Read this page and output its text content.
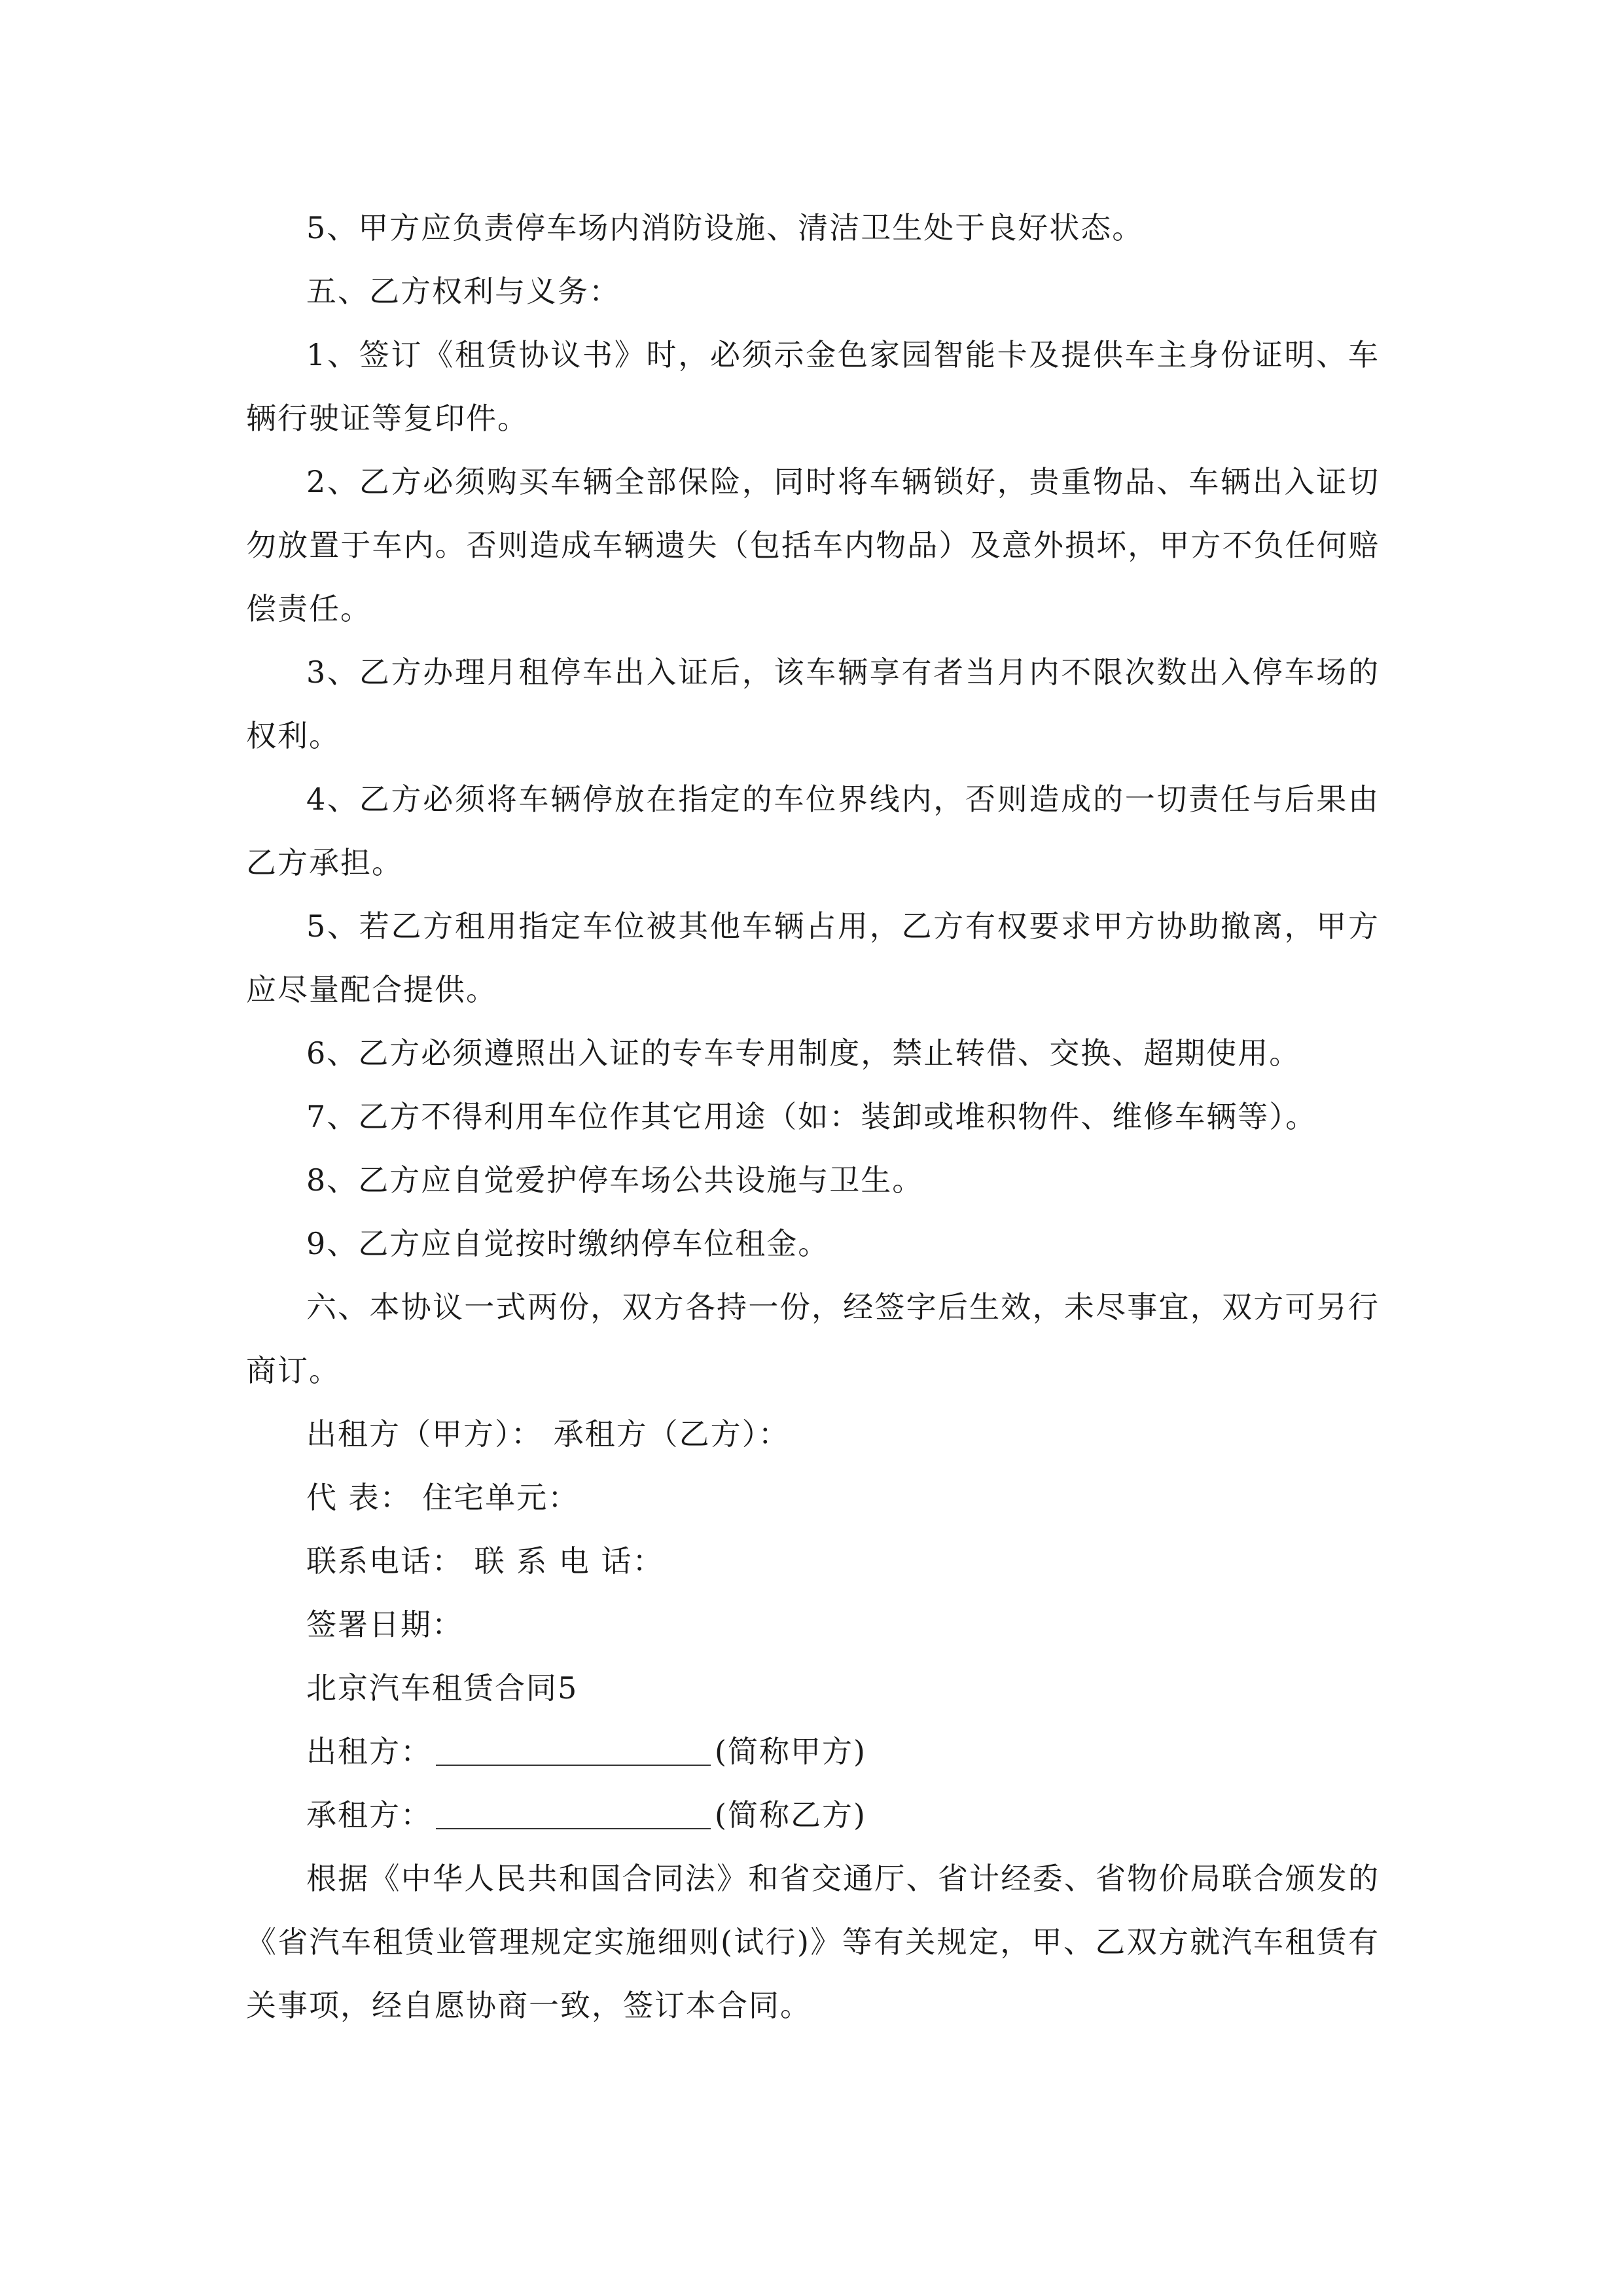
5、甲方应负责停车场内消防设施、清洁卫生处于良好状态。

五、乙方权利与义务：

1、签订《租赁协议书》时，必须示金色家园智能卡及提供车主身份证明、车辆行驶证等复印件。

2、乙方必须购买车辆全部保险，同时将车辆锁好，贵重物品、车辆出入证切勿放置于车内。否则造成车辆遗失（包括车内物品）及意外损坏，甲方不负任何赔偿责任。

3、乙方办理月租停车出入证后，该车辆享有者当月内不限次数出入停车场的权利。

4、乙方必须将车辆停放在指定的车位界线内，否则造成的一切责任与后果由乙方承担。

5、若乙方租用指定车位被其他车辆占用，乙方有权要求甲方协助撤离，甲方应尽量配合提供。

6、乙方必须遵照出入证的专车专用制度，禁止转借、交换、超期使用。

7、乙方不得利用车位作其它用途（如：装卸或堆积物件、维修车辆等）。

8、乙方应自觉爱护停车场公共设施与卫生。

9、乙方应自觉按时缴纳停车位租金。

六、本协议一式两份，双方各持一份，经签字后生效，未尽事宜，双方可另行商订。

出租方（甲方）： 承租方（乙方）：

代 表： 住宅单元：

联系电话： 联 系 电 话：

签署日期：

北京汽车租赁合同5

出租方：	(简称甲方)

承租方：	(简称乙方)

根据《中华人民共和国合同法》和省交通厅、省计经委、省物价局联合颁发的《省汽车租赁业管理规定实施细则(试行)》等有关规定，甲、乙双方就汽车租赁有关事项，经自愿协商一致，签订本合同。
